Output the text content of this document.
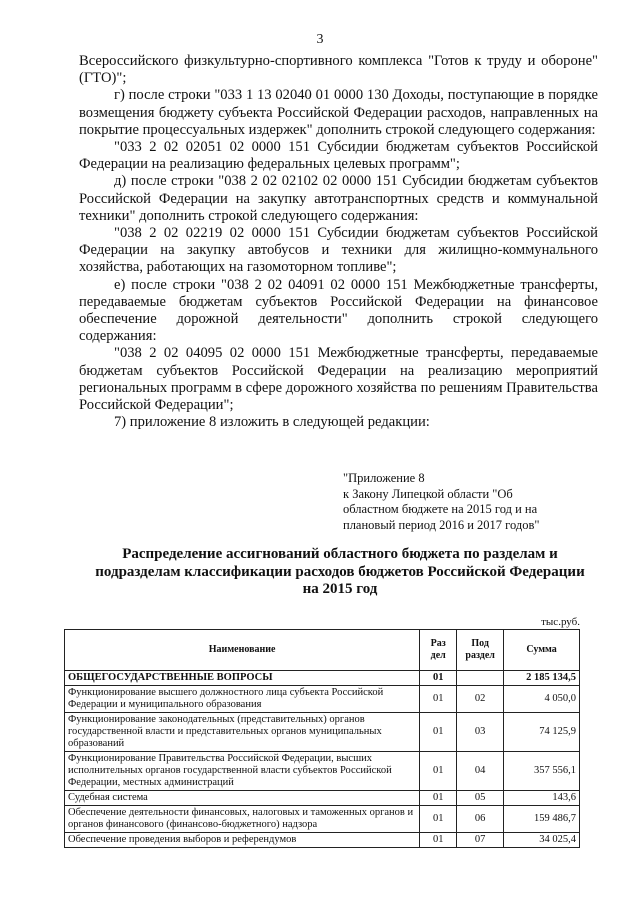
3

Всероссийского физкультурно-спортивного комплекса "Готов к труду и обороне" (ГТО)";

г) после строки "033 1 13 02040 01 0000 130 Доходы, поступающие в порядке возмещения бюджету субъекта Российской Федерации расходов, направленных на покрытие процессуальных издержек" дополнить строкой следующего содержания:

"033 2 02 02051 02 0000 151 Субсидии бюджетам субъектов Российской Федерации на реализацию федеральных целевых программ";

д) после строки "038 2 02 02102 02 0000 151 Субсидии бюджетам субъектов Российской Федерации на закупку автотранспортных средств и коммунальной техники" дополнить строкой следующего содержания:

"038 2 02 02219 02 0000 151 Субсидии бюджетам субъектов Российской Федерации на закупку автобусов и техники для жилищно-коммунального хозяйства, работающих на газомоторном топливе";

е) после строки "038 2 02 04091 02 0000 151 Межбюджетные трансферты, передаваемые бюджетам субъектов Российской Федерации на финансовое обеспечение дорожной деятельности" дополнить строкой следующего содержания:

"038 2 02 04095 02 0000 151 Межбюджетные трансферты, передаваемые бюджетам субъектов Российской Федерации на реализацию мероприятий региональных программ в сфере дорожного хозяйства по решениям Правительства Российской Федерации";

7) приложение 8 изложить в следующей редакции:

"Приложение 8
к Закону Липецкой области "Об
областном бюджете на 2015 год и на
плановый период 2016 и 2017 годов"
Распределение ассигнований областного бюджета по разделам и
подразделам классификации расходов бюджетов Российской Федерации
на 2015 год
тыс.руб.
Наименование	Раз дел	Под раздел	Сумма
ОБЩЕГОСУДАРСТВЕННЫЕ ВОПРОСЫ	01		2 185 134,5
Функционирование высшего должностного лица субъекта Российской Федерации и муниципального образования	01	02	4 050,0
Функционирование законодательных (представительных) органов государственной власти и представительных органов муниципальных образований	01	03	74 125,9
Функционирование Правительства Российской Федерации, высших исполнительных органов государственной власти субъектов Российской Федерации, местных администраций	01	04	357 556,1
Судебная система	01	05	143,6
Обеспечение деятельности финансовых, налоговых и таможенных органов и органов финансового (финансово-бюджетного) надзора	01	06	159 486,7
Обеспечение проведения выборов и референдумов	01	07	34 025,4
